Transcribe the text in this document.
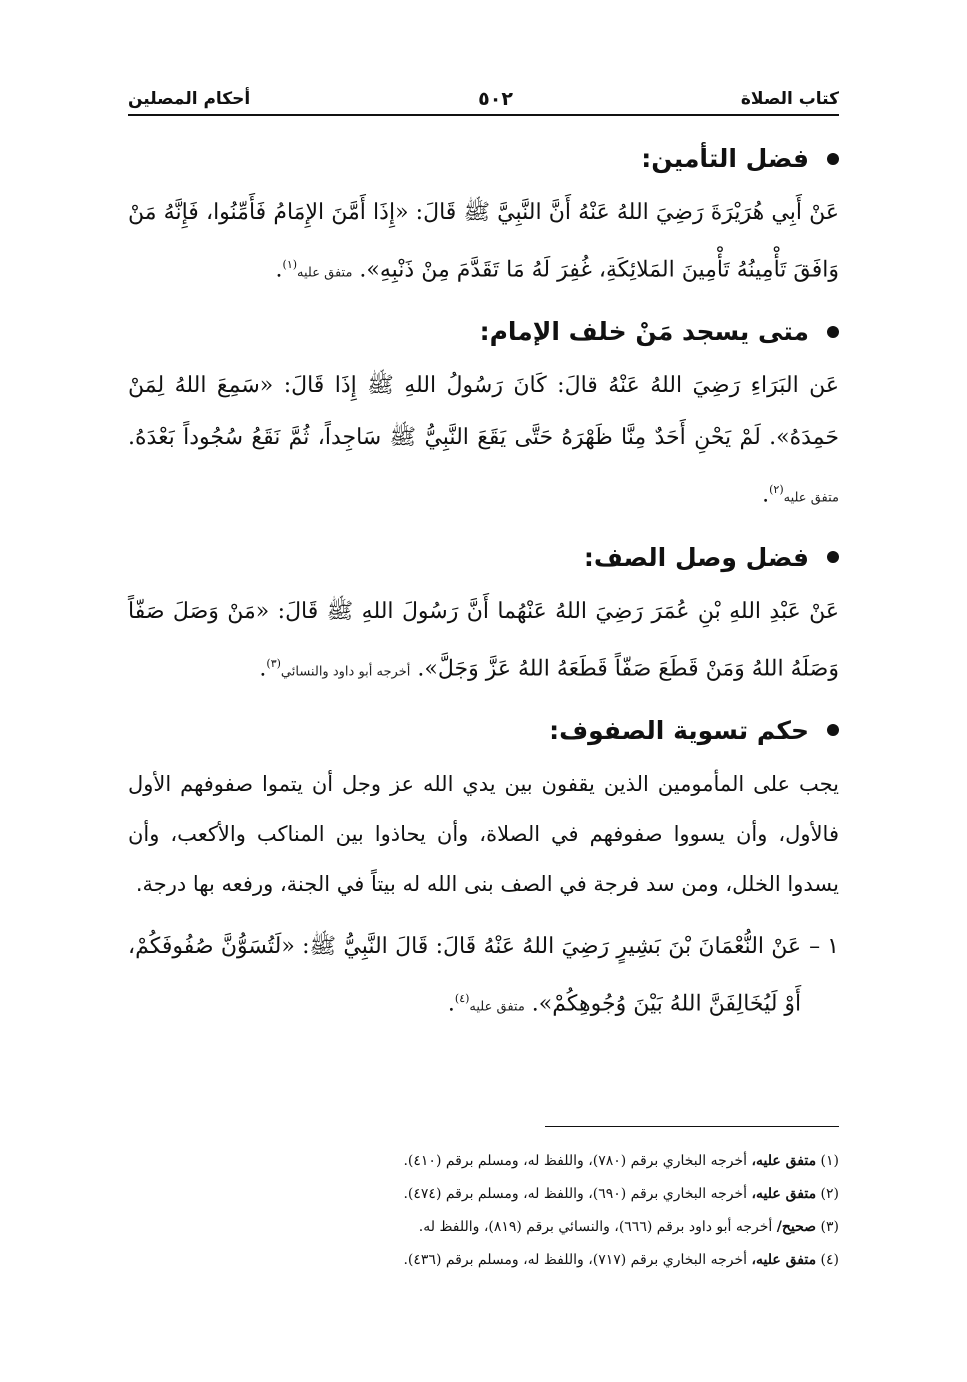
كتاب الصلاة
٥٠٢
أحكام المصلين
فضل التأمين:

عَنْ أَبِي هُرَيْرَةَ رَضِيَ اللهُ عَنْهُ أَنَّ النَّبِيَّ ﷺ قَالَ: «إِذَا أَمَّنَ الإِمَامُ فَأَمِّنُوا، فَإِنَّهُ مَنْ وَافَقَ تَأْمِينُهُ تَأْمِينَ المَلائِكَةِ، غُفِرَ لَهُ مَا تَقَدَّمَ مِنْ ذَنْبِهِ». متفق عليه$^{(١)}$.

متى يسجد مَنْ خلف الإمام:

عَن البَرَاءِ رَضِيَ اللهُ عَنْهُ قالَ: كَانَ رَسُولُ اللهِ ﷺ إِذَا قَالَ: «سَمِعَ اللهُ لِمَنْ حَمِدَهُ». لَمْ يَحْنِ أَحَدٌ مِنَّا ظَهْرَهُ حَتَّى يَقَعَ النَّبِيُّ ﷺ سَاجِداً، ثُمَّ نَقَعُ سُجُوداً بَعْدَهُ. متفق عليه$^{(٢)}$.

فضل وصل الصف:

عَنْ عَبْدِ اللهِ بْنِ عُمَرَ رَضِيَ اللهُ عَنْهُما أَنَّ رَسُولَ اللهِ ﷺ قَالَ: «مَنْ وَصَلَ صَفّاً وَصَلَهُ اللهُ وَمَنْ قَطَعَ صَفّاً قَطَعَهُ اللهُ عَزَّ وَجَلَّ». أخرجه أبو داود والنسائي$^{(٣)}$.

حكم تسوية الصفوف:

يجب على المأمومين الذين يقفون بين يدي الله عز وجل أن يتموا صفوفهم الأول فالأول، وأن يسووا صفوفهم في الصلاة، وأن يحاذوا بين المناكب والأكعب، وأن يسدوا الخلل، ومن سد فرجة في الصف بنى الله له بيتاً في الجنة، ورفعه بها درجة.

١ –

عَنْ النُّعْمَانَ بْنَ بَشِيرٍ رَضِيَ اللهُ عَنْهُ قَالَ: قَالَ النَّبِيُّ ﷺ: «لَتُسَوُّنَّ صُفُوفَكُمْ، أَوْ لَيُخَالِفَنَّ اللهُ بَيْنَ وُجُوهِكُمْ». متفق عليه$^{(٤)}$.

(١) متفق عليه، أخرجه البخاري برقم (٧٨٠)، واللفظ له، ومسلم برقم (٤١٠).
(٢) متفق عليه، أخرجه البخاري برقم (٦٩٠)، واللفظ له، ومسلم برقم (٤٧٤).
(٣) صحيح/ أخرجه أبو داود برقم (٦٦٦)، والنسائي برقم (٨١٩)، واللفظ له.
(٤) متفق عليه، أخرجه البخاري برقم (٧١٧)، واللفظ له، ومسلم برقم (٤٣٦).
